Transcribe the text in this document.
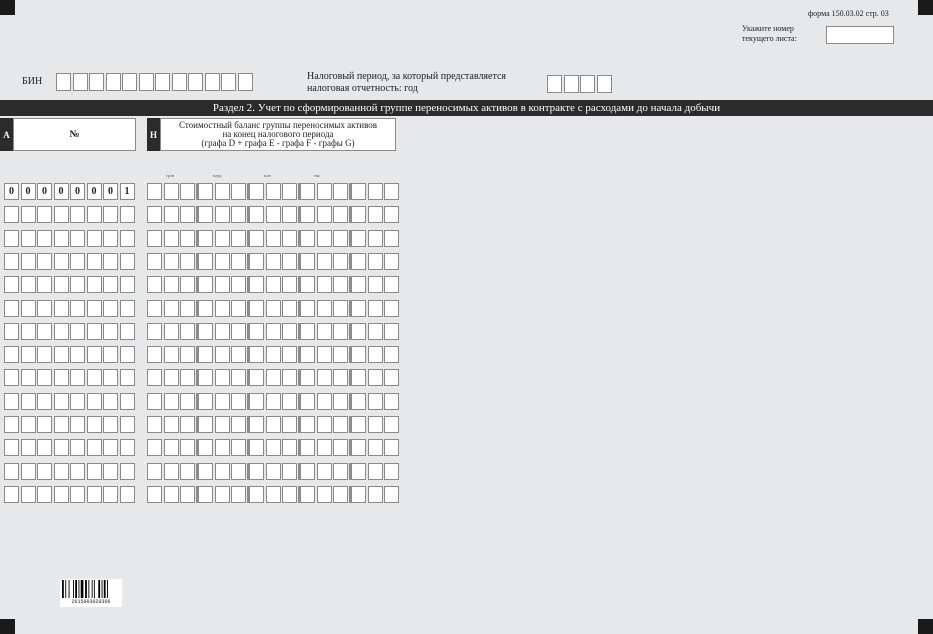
форма 150.03.02 стр. 03
Укажите номер
текущего листа:
БИН	Налоговый период, за который представляется
налоговая отчетность: год
Раздел 2. Учет по сформированной группе переносимых активов в контракте с расходами до начала добычи
A	№	H
Стоимостный баланс группы переносимых активов
на конец налогового периода
(графа D + графа E - графа F - графы G)
трлн	млрд	млн	тыс
0	0	0	0	0	0	0	1
2615003020306
